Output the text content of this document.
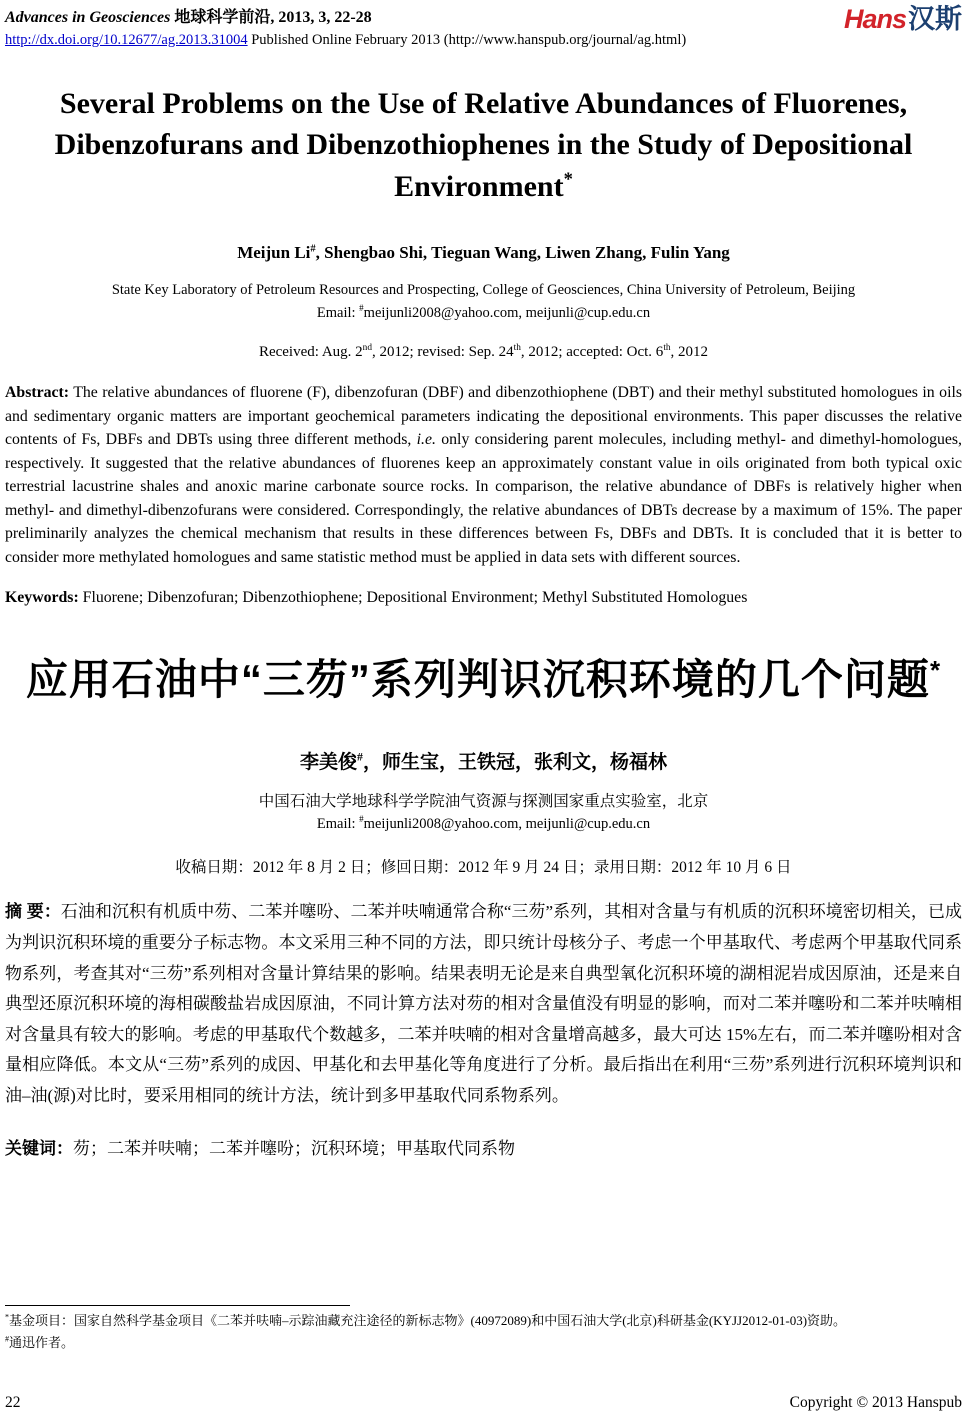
Advances in Geosciences 地球科学前沿, 2013, 3, 22-28
http://dx.doi.org/10.12677/ag.2013.31004 Published Online February 2013 (http://www.hanspub.org/journal/ag.html)
Hans汉斯
Several Problems on the Use of Relative Abundances of Fluorenes, Dibenzofurans and Dibenzothiophenes in the Study of Depositional Environment*
Meijun Li#, Shengbao Shi, Tieguan Wang, Liwen Zhang, Fulin Yang
State Key Laboratory of Petroleum Resources and Prospecting, College of Geosciences, China University of Petroleum, Beijing
Email: #meijunli2008@yahoo.com, meijunli@cup.edu.cn
Received: Aug. 2nd, 2012; revised: Sep. 24th, 2012; accepted: Oct. 6th, 2012
Abstract: The relative abundances of fluorene (F), dibenzofuran (DBF) and dibenzothiophene (DBT) and their methyl substituted homologues in oils and sedimentary organic matters are important geochemical parameters indicating the depositional environments. This paper discusses the relative contents of Fs, DBFs and DBTs using three different methods, i.e. only considering parent molecules, including methyl- and dimethyl-homologues, respectively. It suggested that the relative abundances of fluorenes keep an approximately constant value in oils originated from both typical oxic terrestrial lacustrine shales and anoxic marine carbonate source rocks. In comparison, the relative abundance of DBFs is relatively higher when methyl- and dimethyl-dibenzofurans were considered. Correspondingly, the relative abundances of DBTs decrease by a maximum of 15%. The paper preliminarily analyzes the chemical mechanism that results in these differences between Fs, DBFs and DBTs. It is concluded that it is better to consider more methylated homologues and same statistic method must be applied in data sets with different sources.
Keywords: Fluorene; Dibenzofuran; Dibenzothiophene; Depositional Environment; Methyl Substituted Homologues
应用石油中“三芴”系列判识沉积环境的几个问题*
李美俊#，师生宝，王铁冠，张利文，杨福林
中国石油大学地球科学学院油气资源与探测国家重点实验室，北京
Email: #meijunli2008@yahoo.com, meijunli@cup.edu.cn
收稿日期：2012 年 8 月 2 日；修回日期：2012 年 9 月 24 日；录用日期：2012 年 10 月 6 日
摘 要：石油和沉积有机质中芴、二苯并噻吩、二苯并呋喃通常合称“三芴”系列，其相对含量与有机质的沉积环境密切相关，已成为判识沉积环境的重要分子标志物。本文采用三种不同的方法，即只统计母核分子、考虑一个甲基取代、考虑两个甲基取代同系物系列，考查其对“三芴”系列相对含量计算结果的影响。结果表明无论是来自典型氧化沉积环境的湖相泥岩成因原油，还是来自典型还原沉积环境的海相碳酸盐岩成因原油，不同计算方法对芴的相对含量值没有明显的影响，而对二苯并噻吩和二苯并呋喃相对含量具有较大的影响。考虑的甲基取代个数越多，二苯并呋喃的相对含量增高越多，最大可达 15%左右，而二苯并噻吩相对含量相应降低。本文从“三芴”系列的成因、甲基化和去甲基化等角度进行了分析。最后指出在利用“三芴”系列进行沉积环境判识和油–油(源)对比时，要采用相同的统计方法，统计到多甲基取代同系物系列。
关键词：芴；二苯并呋喃；二苯并噻吩；沉积环境；甲基取代同系物
*基金项目：国家自然科学基金项目《二苯并呋喃–示踪油藏充注途径的新标志物》(40972089)和中国石油大学(北京)科研基金(KYJJ2012-01-03)资助。
#通迅作者。
22	Copyright © 2013 Hanspub
